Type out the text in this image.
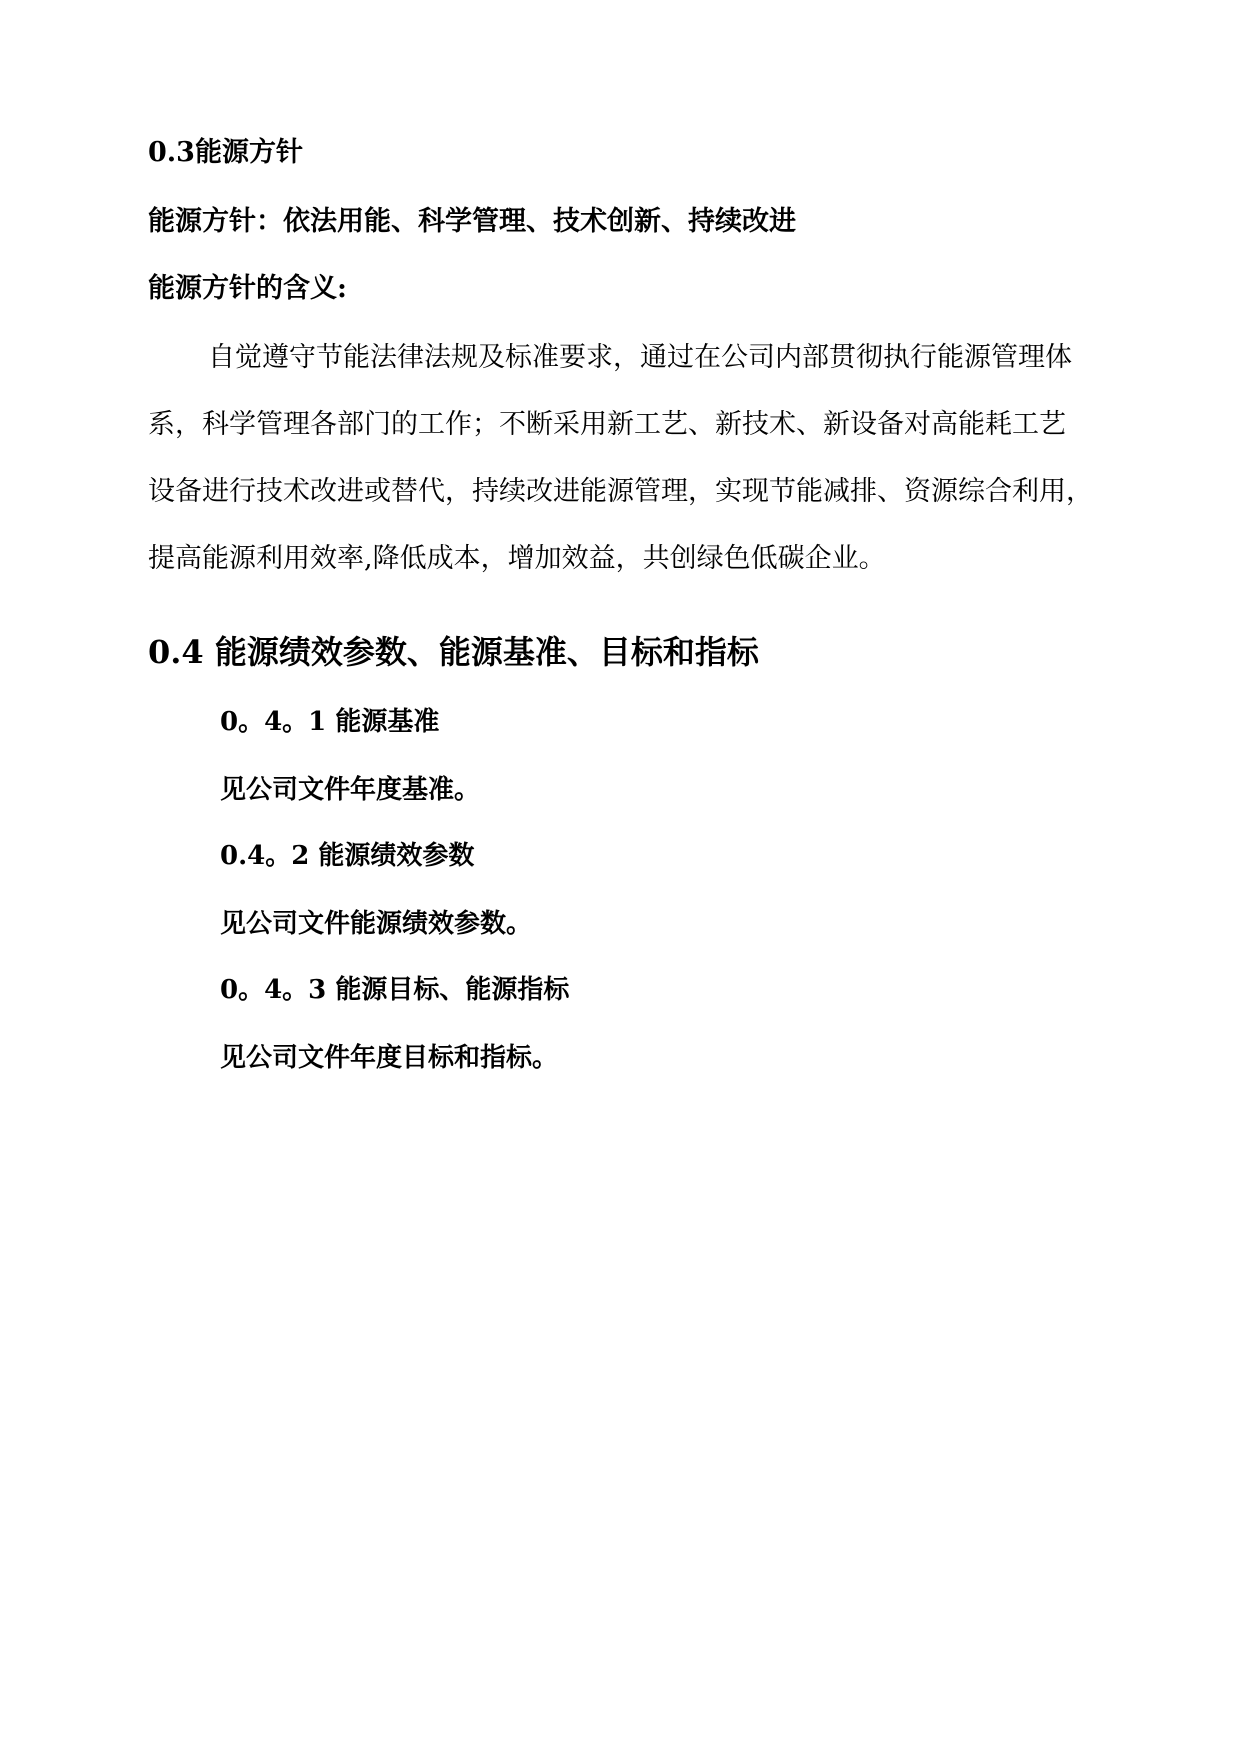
0.3能源方针
能源方针：依法用能、科学管理、技术创新、持续改进
能源方针的含义:
自觉遵守节能法律法规及标准要求，通过在公司内部贯彻执行能源管理体
系，科学管理各部门的工作；不断采用新工艺、新技术、新设备对高能耗工艺
设备进行技术改进或替代，持续改进能源管理，实现节能减排、资源综合利用，
提高能源利用效率,降低成本，增加效益，共创绿色低碳企业。
0.4 能源绩效参数、能源基准、目标和指标
0。4。1 能源基准
见公司文件年度基准。
0.4。2 能源绩效参数
见公司文件能源绩效参数。
0。4。3 能源目标、能源指标
见公司文件年度目标和指标。
